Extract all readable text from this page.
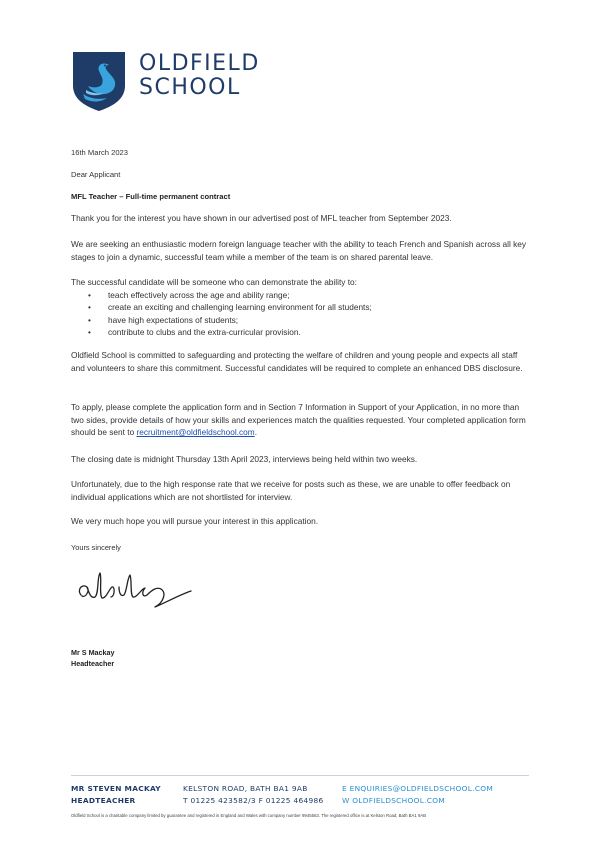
OLDFIELD
SCHOOL
16th March 2023
Dear Applicant
MFL Teacher – Full-time permanent contract

Thank you for the interest you have shown in our advertised post of MFL teacher from September 2023.

We are seeking an enthusiastic modern foreign language teacher with the ability to teach French and Spanish across all key stages to join a dynamic, successful team while a member of the team is on shared parental leave.

The successful candidate will be someone who can demonstrate the ability to:

• teach effectively across the age and ability range;
• create an exciting and challenging learning environment for all students;
• have high expectations of students;
• contribute to clubs and the extra-curricular provision.

Oldfield School is committed to safeguarding and protecting the welfare of children and young people and expects all staff and volunteers to share this commitment. Successful candidates will be required to complete an enhanced DBS disclosure.

To apply, please complete the application form and in Section 7 Information in Support of your Application, in no more than two sides, provide details of how your skills and experiences match the qualities requested. Your completed application form should be sent to recruitment@oldfieldschool.com.

The closing date is midnight Thursday 13th April 2023, interviews being held within two weeks.

Unfortunately, due to the high response rate that we receive for posts such as these, we are unable to offer feedback on individual applications which are not shortlisted for interview.

We very much hope you will pursue your interest in this application.

Yours sincerely
Mr S Mackay
Headteacher
MR STEVEN MACKAY
HEADTEACHER
KELSTON ROAD, BATH BA1 9AB
T 01225 423582/3 F 01225 464986
E ENQUIRIES@OLDFIELDSCHOOL.COM
W OLDFIELDSCHOOL.COM
Oldfield School is a charitable company limited by guarantee and registered in England and Wales with company number 9945563. The registered office is at Kelston Road, Bath BA1 9AB
